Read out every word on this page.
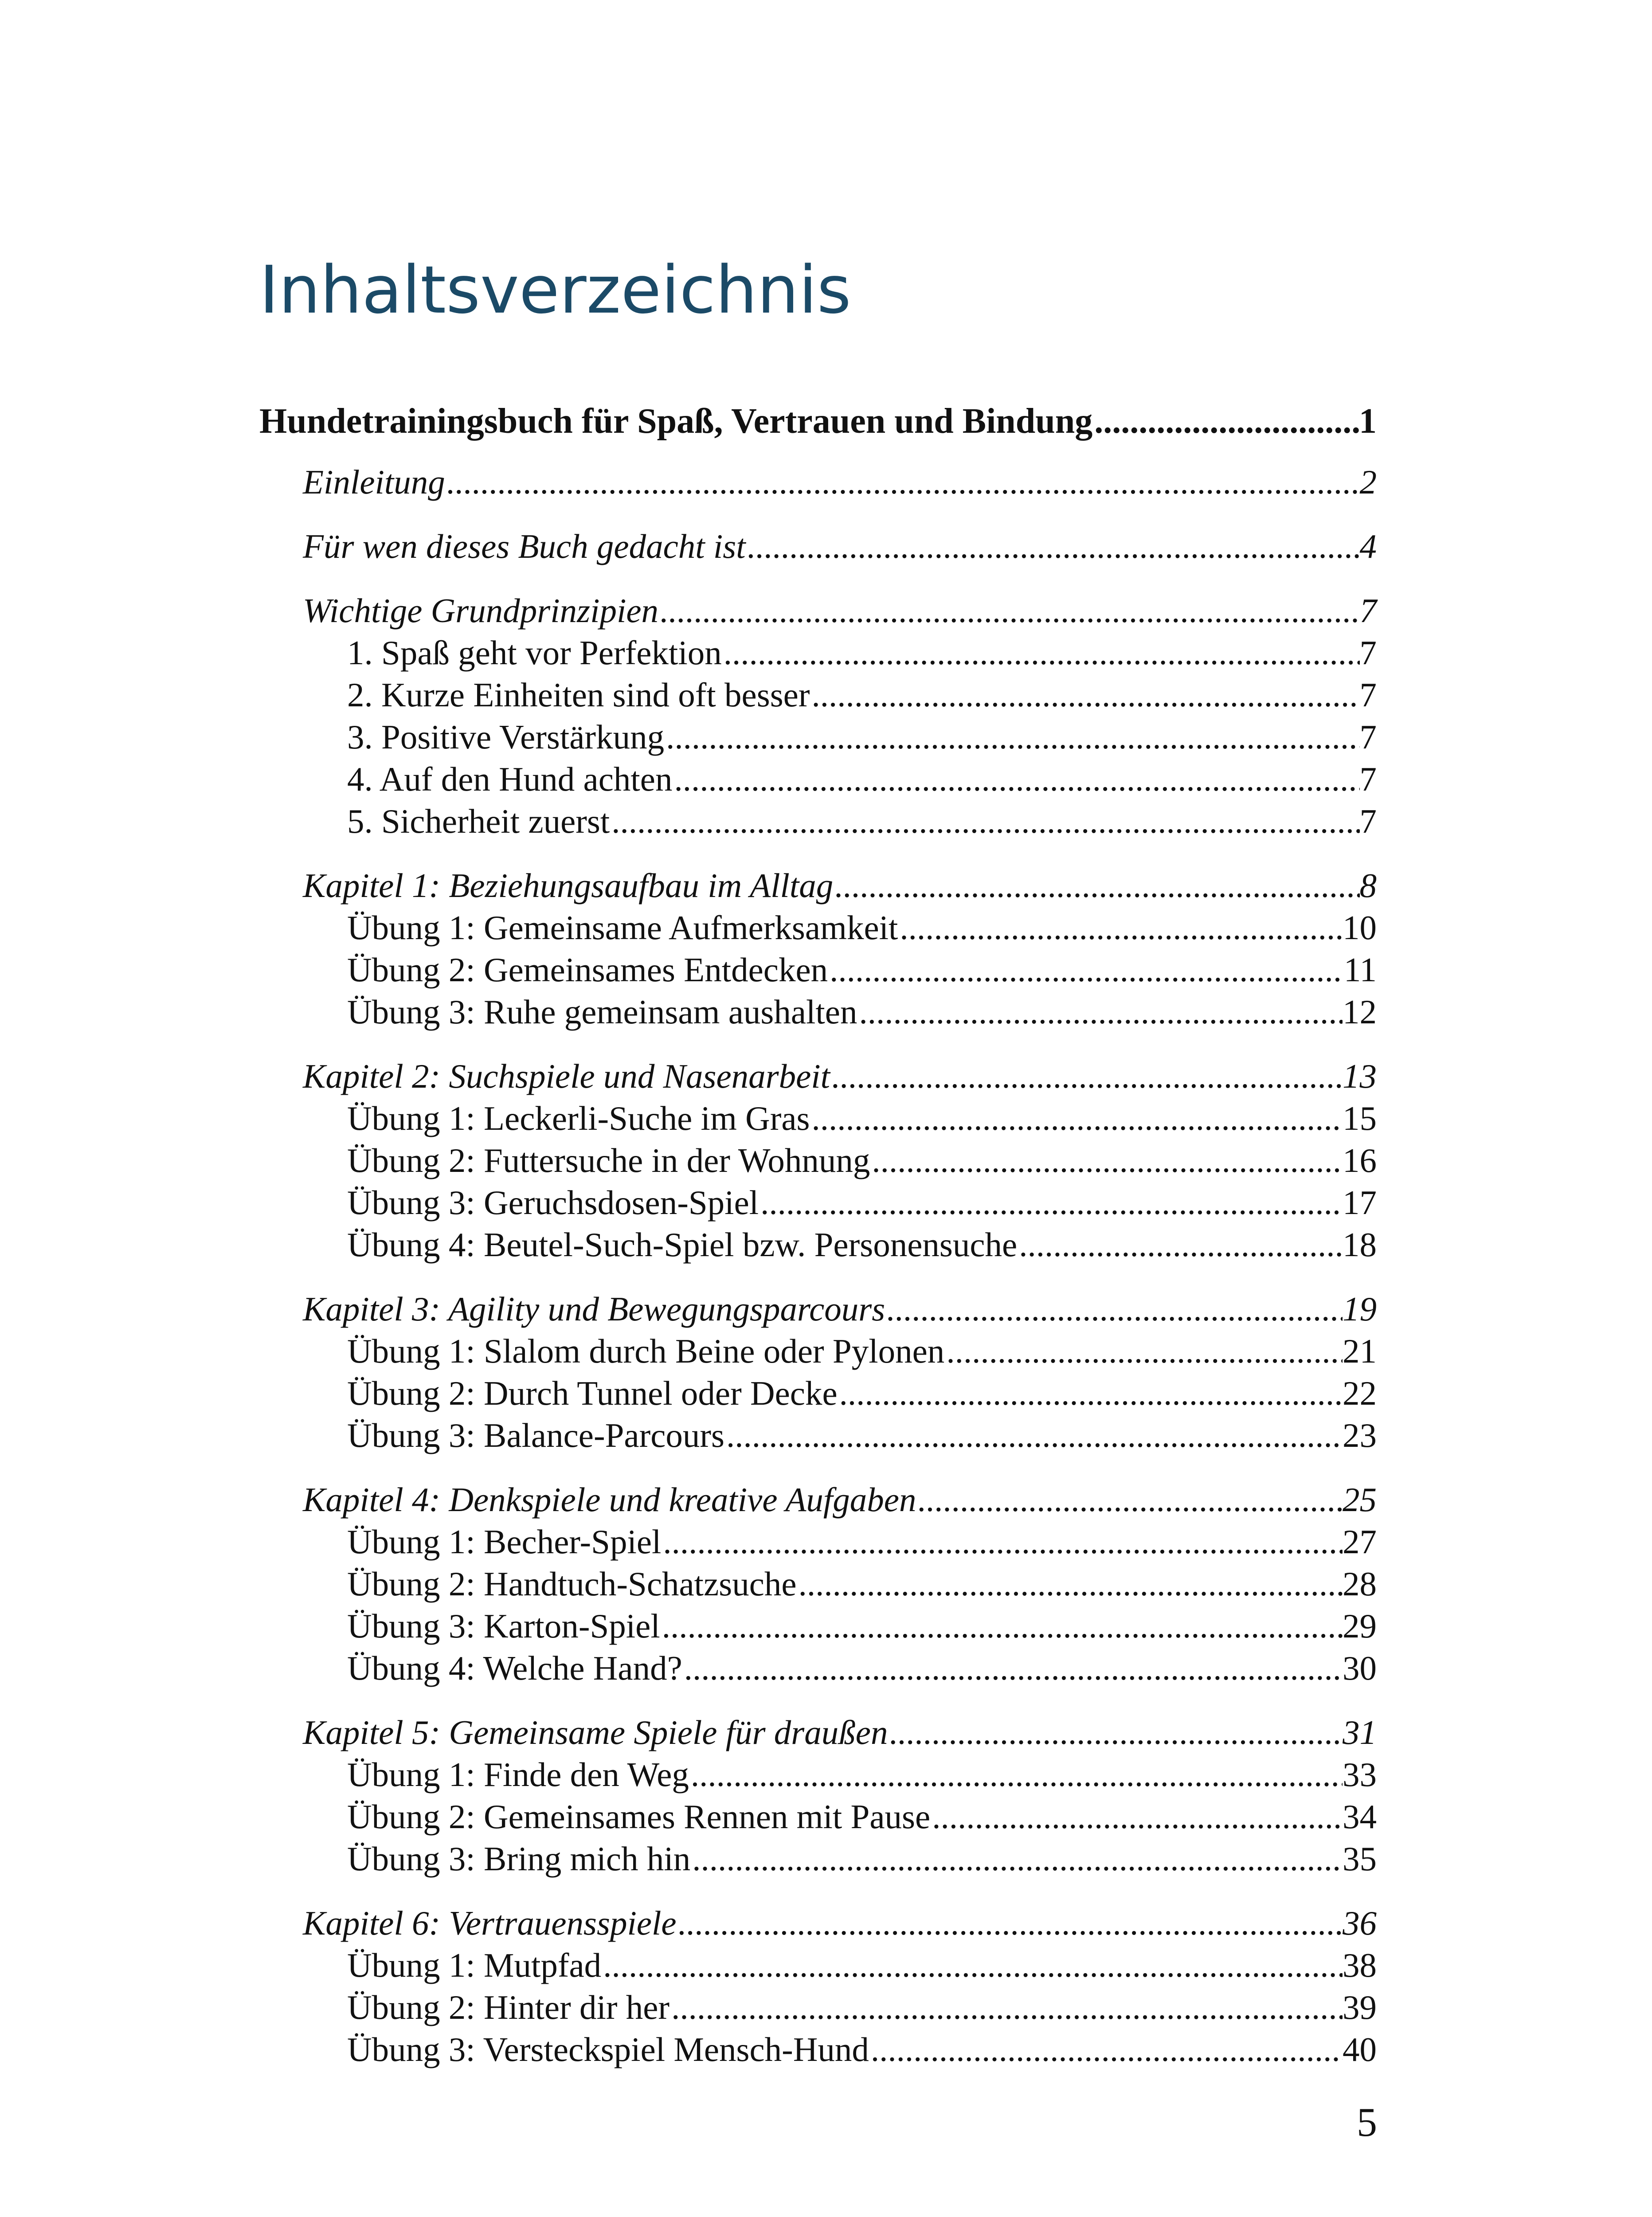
Inhaltsverzeichnis
Hundetrainingsbuch für Spaß, Vertrauen und Bindung .....	1
Einleitung .....	2
Für wen dieses Buch gedacht ist .....	4
Wichtige Grundprinzipien .....	7
1. Spaß geht vor Perfektion .....	7
2. Kurze Einheiten sind oft besser .....	7
3. Positive Verstärkung .....	7
4. Auf den Hund achten .....	7
5. Sicherheit zuerst .....	7
Kapitel 1: Beziehungsaufbau im Alltag .....	8
Übung 1: Gemeinsame Aufmerksamkeit .....	10
Übung 2: Gemeinsames Entdecken .....	11
Übung 3: Ruhe gemeinsam aushalten .....	12
Kapitel 2: Suchspiele und Nasenarbeit .....	13
Übung 1: Leckerli-Suche im Gras .....	15
Übung 2: Futtersuche in der Wohnung .....	16
Übung 3: Geruchsdosen-Spiel .....	17
Übung 4: Beutel-Such-Spiel bzw. Personensuche .....	18
Kapitel 3: Agility und Bewegungsparcours .....	19
Übung 1: Slalom durch Beine oder Pylonen .....	21
Übung 2: Durch Tunnel oder Decke .....	22
Übung 3: Balance-Parcours .....	23
Kapitel 4: Denkspiele und kreative Aufgaben .....	25
Übung 1: Becher-Spiel .....	27
Übung 2: Handtuch-Schatzsuche .....	28
Übung 3: Karton-Spiel .....	29
Übung 4: Welche Hand? .....	30
Kapitel 5: Gemeinsame Spiele für draußen .....	31
Übung 1: Finde den Weg .....	33
Übung 2: Gemeinsames Rennen mit Pause .....	34
Übung 3: Bring mich hin .....	35
Kapitel 6: Vertrauensspiele .....	36
Übung 1: Mutpfad .....	38
Übung 2: Hinter dir her .....	39
Übung 3: Versteckspiel Mensch-Hund .....	40
5
